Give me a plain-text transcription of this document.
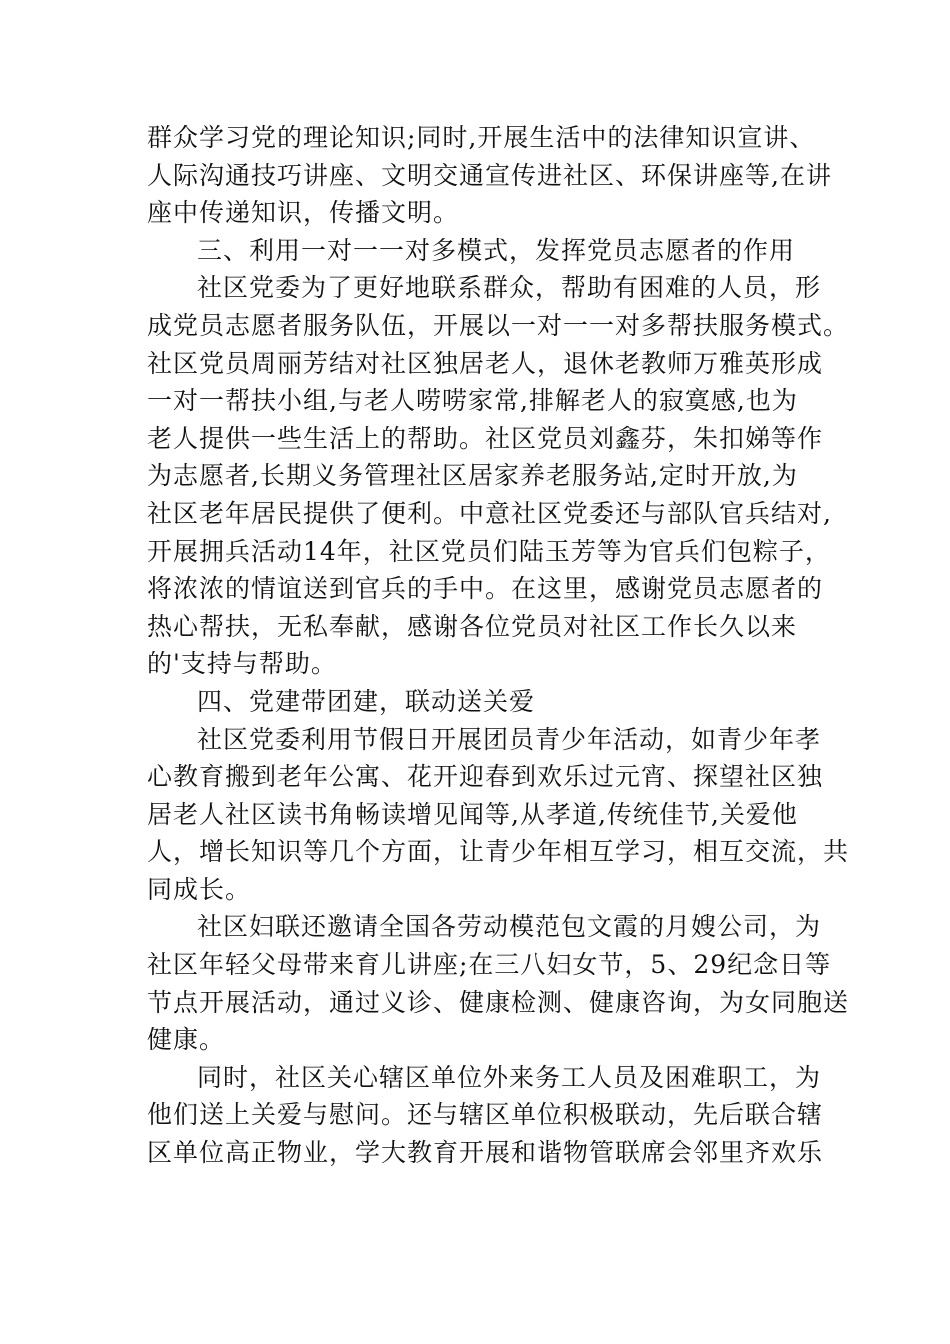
群众学习党的理论知识;同时,开展生活中的法律知识宣讲、
人际沟通技巧讲座、文明交通宣传进社区、环保讲座等,在讲
座中传递知识，传播文明。
三、利用一对一一对多模式，发挥党员志愿者的作用
社区党委为了更好地联系群众，帮助有困难的人员，形
成党员志愿者服务队伍，开展以一对一一对多帮扶服务模式。
社区党员周丽芳结对社区独居老人，退休老教师万雅英形成
一对一帮扶小组,与老人唠唠家常,排解老人的寂寞感,也为
老人提供一些生活上的帮助。社区党员刘鑫芬，朱扣娣等作
为志愿者,长期义务管理社区居家养老服务站,定时开放,为
社区老年居民提供了便利。中意社区党委还与部队官兵结对,
开展拥兵活动14年，社区党员们陆玉芳等为官兵们包粽子，
将浓浓的情谊送到官兵的手中。在这里，感谢党员志愿者的
热心帮扶，无私奉献，感谢各位党员对社区工作长久以来
的'支持与帮助。
四、党建带团建，联动送关爱
社区党委利用节假日开展团员青少年活动，如青少年孝
心教育搬到老年公寓、花开迎春到欢乐过元宵、探望社区独
居老人社区读书角畅读增见闻等,从孝道,传统佳节,关爱他
人，增长知识等几个方面，让青少年相互学习，相互交流，共
同成长。
社区妇联还邀请全国各劳动模范包文霞的月嫂公司，为
社区年轻父母带来育儿讲座;在三八妇女节，5、29纪念日等
节点开展活动，通过义诊、健康检测、健康咨询，为女同胞送
健康。
同时，社区关心辖区单位外来务工人员及困难职工，为
他们送上关爱与慰问。还与辖区单位积极联动，先后联合辖
区单位高正物业，学大教育开展和谐物管联席会邻里齐欢乐
